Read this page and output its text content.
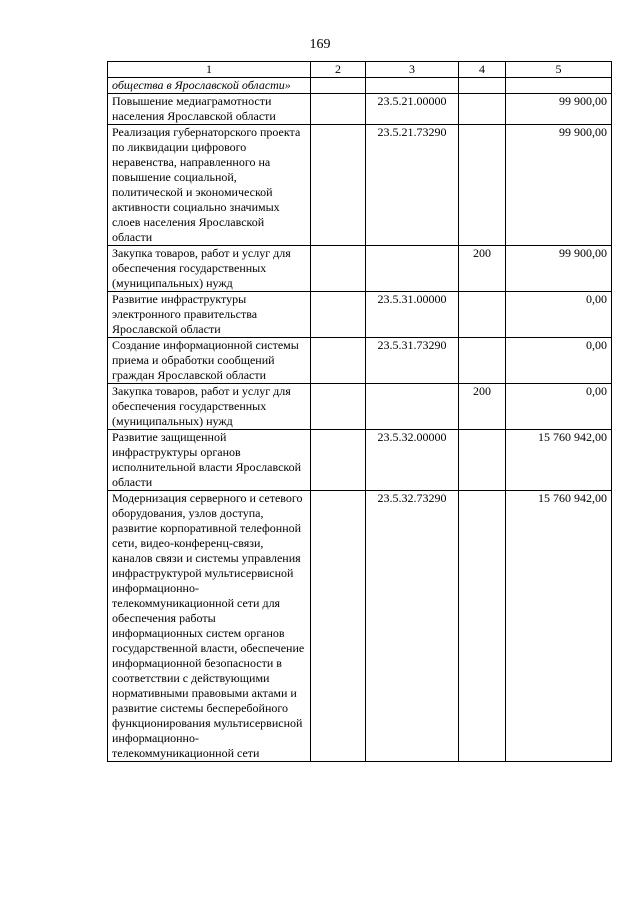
169
1	2	3	4	5
общества в Ярославской области»				
Повышение медиаграмотности населения Ярославской области		23.5.21.00000		99 900,00
Реализация губернаторского проекта по ликвидации цифрового неравенства, направленного на повышение социальной, политической и экономической активности социально значимых слоев населения Ярославской области		23.5.21.73290		99 900,00
Закупка товаров, работ и услуг для обеспечения государственных (муниципальных) нужд			200	99 900,00
Развитие инфраструктуры электронного правительства Ярославской области		23.5.31.00000		0,00
Создание информационной системы приема и обработки сообщений граждан Ярославской области		23.5.31.73290		0,00
Закупка товаров, работ и услуг для обеспечения государственных (муниципальных) нужд			200	0,00
Развитие защищенной инфраструктуры органов исполнительной власти Ярославской области		23.5.32.00000		15 760 942,00
Модернизация серверного и сетевого оборудования, узлов доступа, развитие корпоративной телефонной сети, видео-конференц-связи, каналов связи и системы управления инфраструктурой мультисервисной информационно-телекоммуникационной сети для обеспечения работы информационных систем органов государственной власти, обеспечение информационной безопасности в соответствии с действующими нормативными правовыми актами и развитие системы бесперебойного функционирования мультисервисной информационно-телекоммуникационной сети		23.5.32.73290		15 760 942,00
